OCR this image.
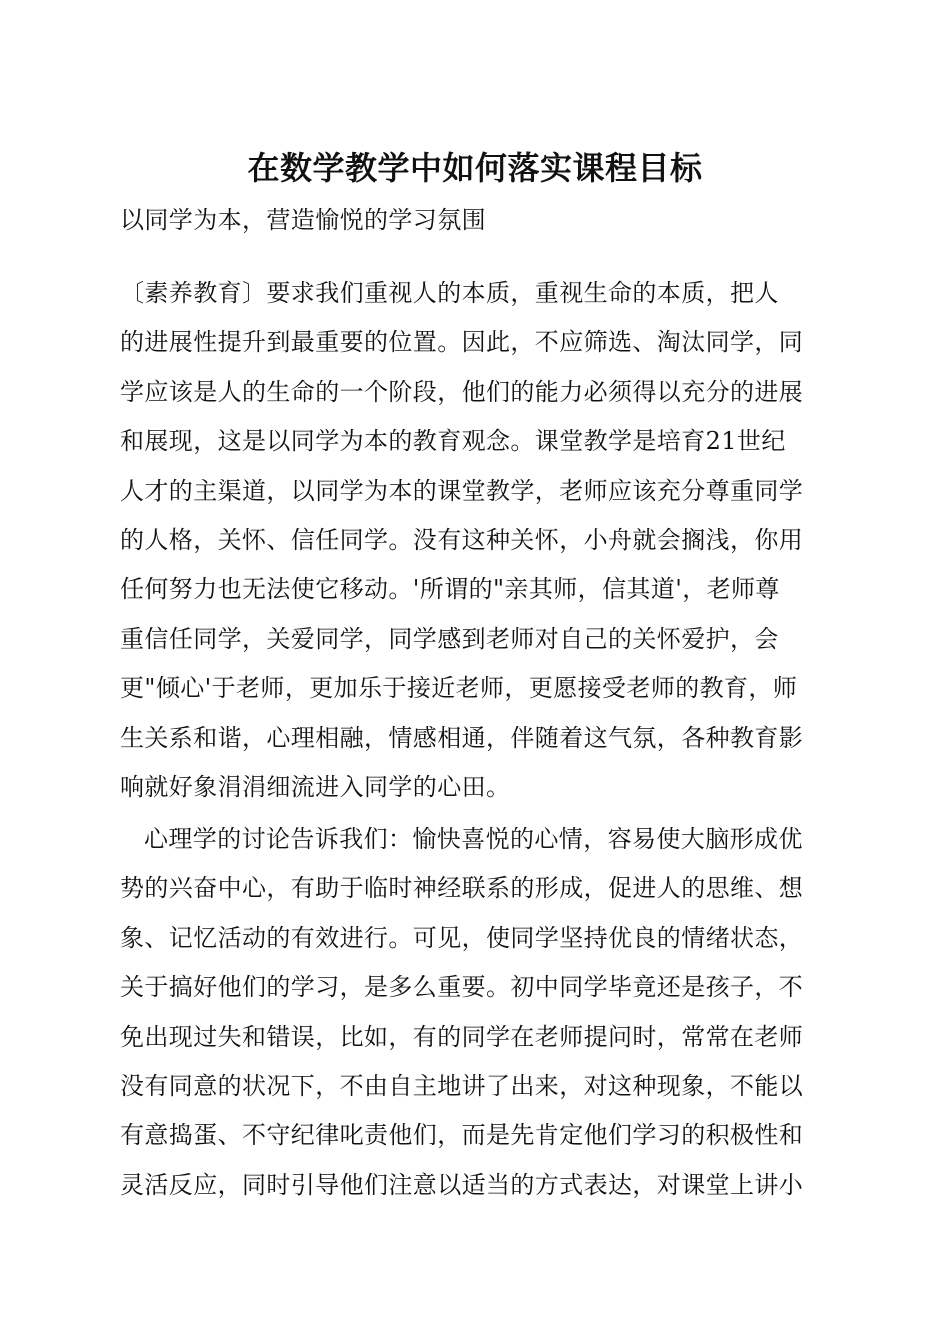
在数学教学中如何落实课程目标
以同学为本，营造愉悦的学习氛围
〔素养教育〕要求我们重视人的本质，重视生命的本质，把人
的进展性提升到最重要的位置。因此，不应筛选、淘汰同学，同
学应该是人的生命的一个阶段，他们的能力必须得以充分的进展
和展现，这是以同学为本的教育观念。课堂教学是培育21世纪
人才的主渠道，以同学为本的课堂教学，老师应该充分尊重同学
的人格，关怀、信任同学。没有这种关怀，小舟就会搁浅，你用
任何努力也无法使它移动。'所谓的"亲其师，信其道'，老师尊
重信任同学，关爱同学，同学感到老师对自己的关怀爱护，会
更"倾心'于老师，更加乐于接近老师，更愿接受老师的教育，师
生关系和谐，心理相融，情感相通，伴随着这气氛，各种教育影
响就好象涓涓细流进入同学的心田。
心理学的讨论告诉我们：愉快喜悦的心情，容易使大脑形成优
势的兴奋中心，有助于临时神经联系的形成，促进人的思维、想
象、记忆活动的有效进行。可见，使同学坚持优良的情绪状态，
关于搞好他们的学习，是多么重要。初中同学毕竟还是孩子，不
免出现过失和错误，比如，有的同学在老师提问时，常常在老师
没有同意的状况下，不由自主地讲了出来，对这种现象，不能以
有意捣蛋、不守纪律叱责他们，而是先肯定他们学习的积极性和
灵活反应，同时引导他们注意以适当的方式表达，对课堂上讲小
